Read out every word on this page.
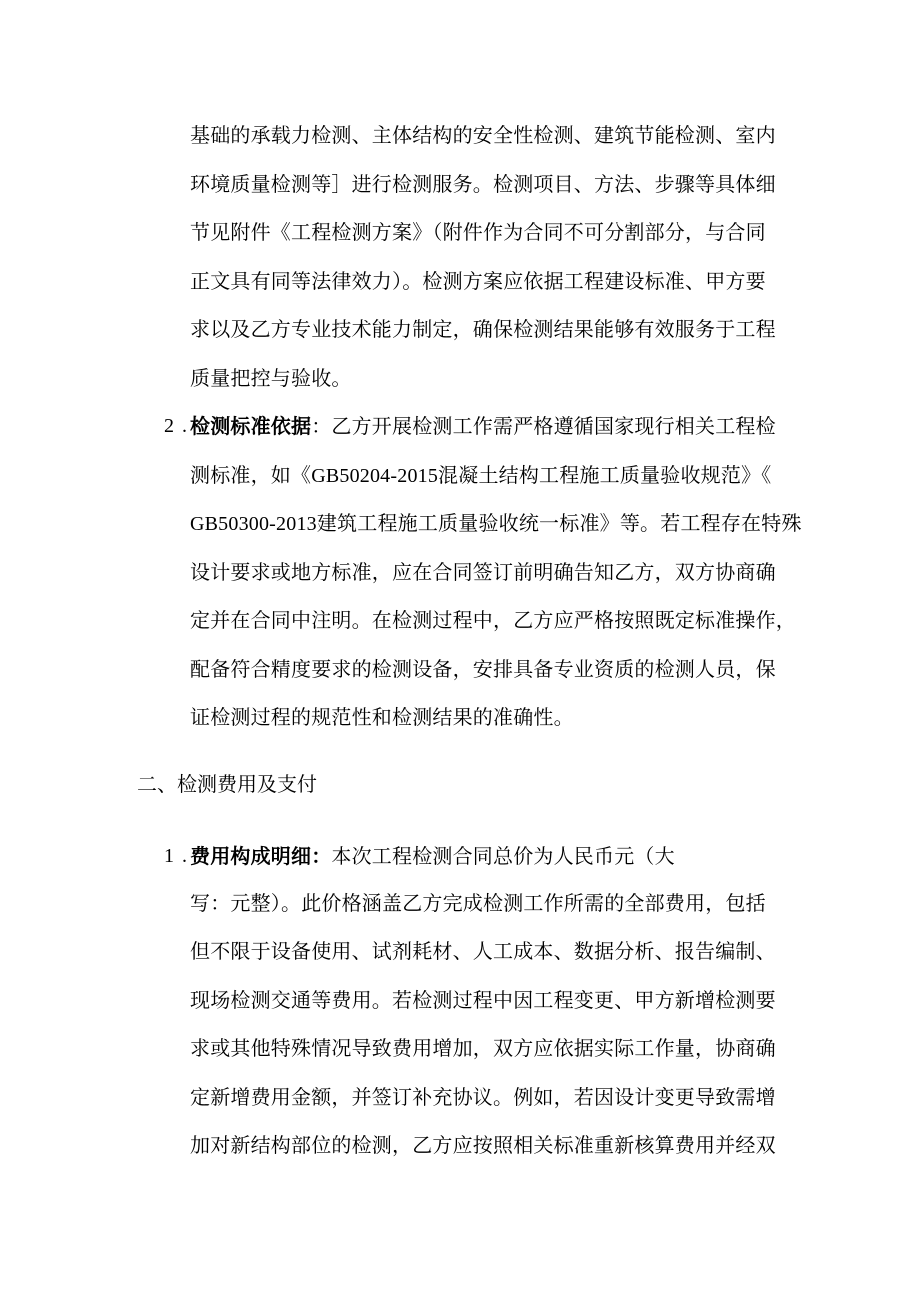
基础的承载力检测、主体结构的安全性检测、建筑节能检测、室内
环境质量检测等］进行检测服务。检测项目、方法、步骤等具体细
节见附件《工程检测方案》（附件作为合同不可分割部分，与合同
正文具有同等法律效力）。检测方案应依据工程建设标准、甲方要
求以及乙方专业技术能力制定，确保检测结果能够有效服务于工程
质量把控与验收。
2 . 检测标准依据：乙方开展检测工作需严格遵循国家现行相关工程检
测标准，如《GB50204-2015混凝土结构工程施工质量验收规范》《
GB50300-2013建筑工程施工质量验收统一标准》等。若工程存在特殊
设计要求或地方标准，应在合同签订前明确告知乙方，双方协商确
定并在合同中注明。在检测过程中，乙方应严格按照既定标准操作，
配备符合精度要求的检测设备，安排具备专业资质的检测人员，保
证检测过程的规范性和检测结果的准确性。
二、检测费用及支付
1 . 费用构成明细：本次工程检测合同总价为人民币元（大
写：元整）。此价格涵盖乙方完成检测工作所需的全部费用，包括
但不限于设备使用、试剂耗材、人工成本、数据分析、报告编制、
现场检测交通等费用。若检测过程中因工程变更、甲方新增检测要
求或其他特殊情况导致费用增加，双方应依据实际工作量，协商确
定新增费用金额，并签订补充协议。例如，若因设计变更导致需增
加对新结构部位的检测，乙方应按照相关标准重新核算费用并经双
